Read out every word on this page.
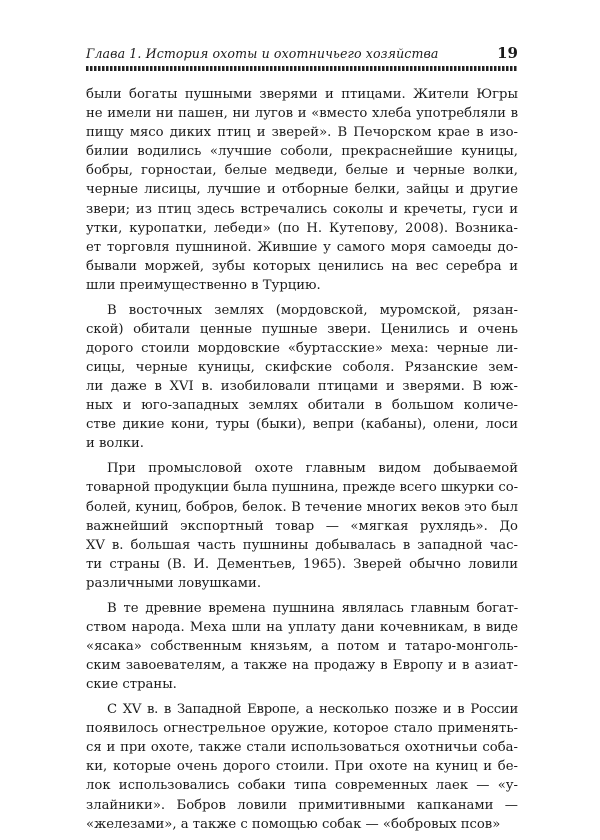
Глава 1. История охоты и охотничьего хозяйства	19

были богаты пушными зверями и птицами. Жители Югры
не имели ни пашен, ни лугов и «вместо хлеба употребляли в
пищу мясо диких птиц и зверей». В Печорском крае в изо-
билии водились «лучшие соболи, прекраснейшие куницы,
бобры, горностаи, белые медведи, белые и черные волки,
черные лисицы, лучшие и отборные белки, зайцы и другие
звери; из птиц здесь встречались соколы и кречеты, гуси и
утки, куропатки, лебеди» (по Н. Кутепову, 2008). Возника-
ет торговля пушниной. Жившие у самого моря самоеды до-
бывали моржей, зубы которых ценились на вес серебра и
шли преимущественно в Турцию.

В восточных землях (мордовской, муромской, рязан-
ской) обитали ценные пушные звери. Ценились и очень
дорого стоили мордовские «буртасские» меха: черные ли-
сицы, черные куницы, скифские соболя. Рязанские зем-
ли даже в XVI в. изобиловали птицами и зверями. В юж-
ных и юго-западных землях обитали в большом количе-
стве дикие кони, туры (быки), вепри (кабаны), олени, лоси
и волки.

При промысловой охоте главным видом добываемой
товарной продукции была пушнина, прежде всего шкурки со-
болей, куниц, бобров, белок. В течение многих веков это был
важнейший экспортный товар — «мягкая рухлядь». До
XV в. большая часть пушнины добывалась в западной час-
ти страны (В. И. Дементьев, 1965). Зверей обычно ловили
различными ловушками.

В те древние времена пушнина являлась главным богат-
ством народа. Меха шли на уплату дани кочевникам, в виде
«ясака» собственным князьям, а потом и татаро-монголь-
ским завоевателям, а также на продажу в Европу и в азиат-
ские страны.

С XV в. в Западной Европе, а несколько позже и в России
появилось огнестрельное оружие, которое стало применять-
ся и при охоте, также стали использоваться охотничьи соба-
ки, которые очень дорого стоили. При охоте на куниц и бе-
лок использовались собаки типа современных лаек — «у-
злайники». Бобров ловили примитивными капканами —
«железами», а также с помощью собак — «бобровых псов»
